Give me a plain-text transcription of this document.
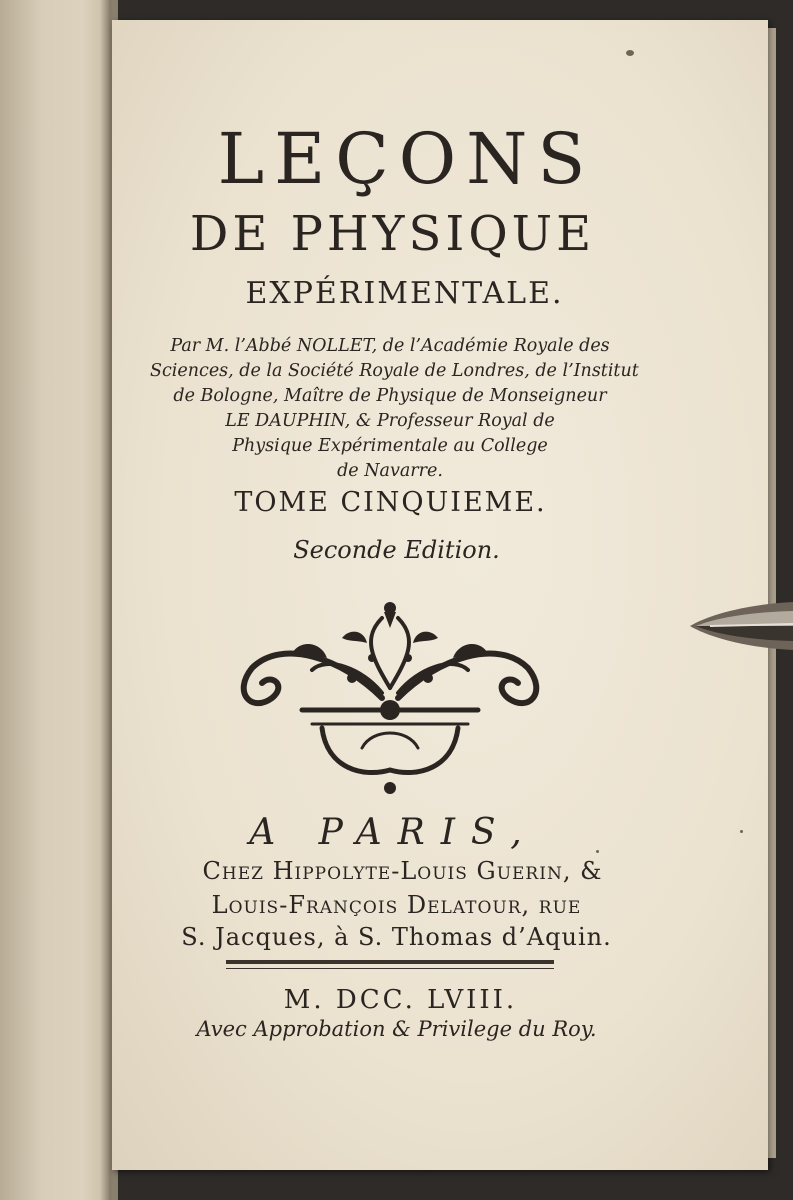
LEÇONS
DE PHYSIQUE
EXPÉRIMENTALE.
Par M. l’Abbé NOLLET, de l’Académie Royale des
Sciences, de la Société Royale de Londres, de l’Institut
de Bologne, Maître de Physique de Monseigneur
LE DAUPHIN, & Professeur Royal de
Physique Expérimentale au College
de Navarre.
TOME CINQUIEME.
Seconde Edition.
A PARIS,
Chez Hippolyte-Louis Guerin, &
Louis-François Delatour, rue
S. Jacques, à S. Thomas d’Aquin.
M. DCC. LVIII.
Avec Approbation & Privilege du Roy.
